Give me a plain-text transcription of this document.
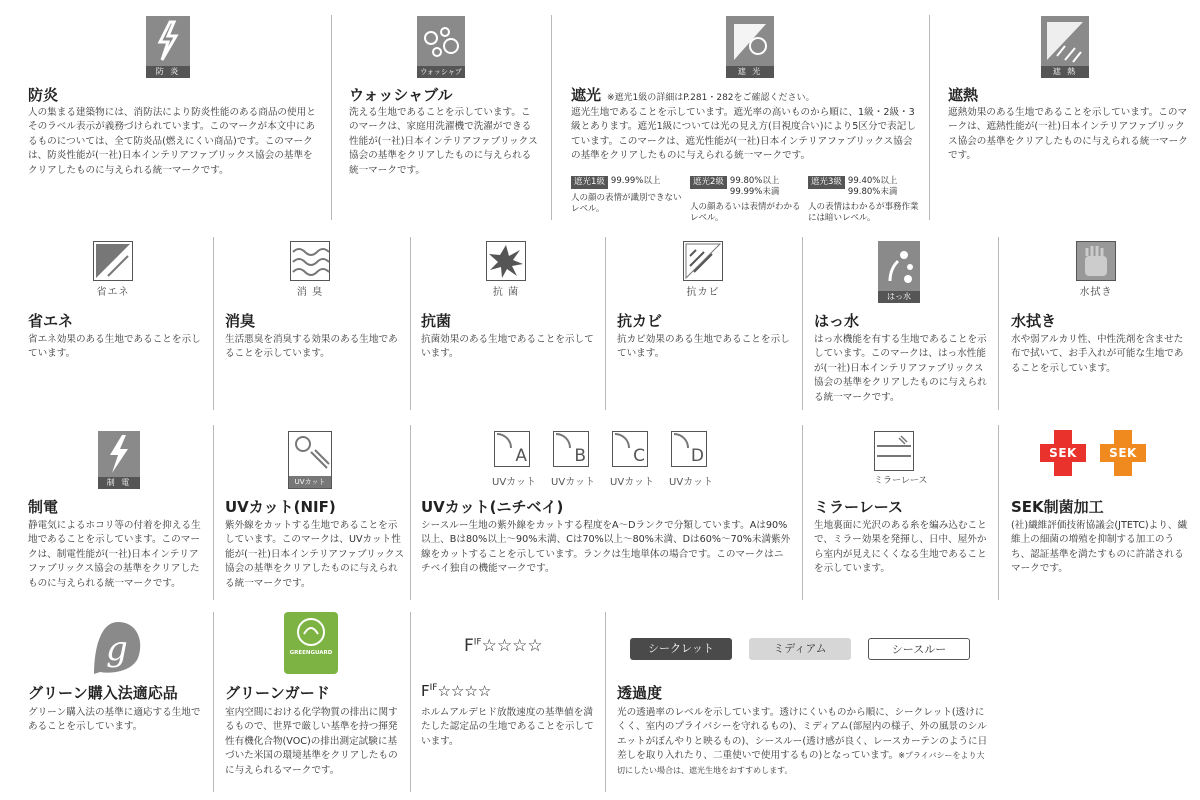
防 炎
防炎

人の集まる建築物には、消防法により防炎性能のある商品の使用とそのラベル表示が義務づけられています。このマークが本文中にあるものについては、全て防炎品(燃えにくい商品)です。このマークは、防炎性能が(一社)日本インテリアファブリックス協会の基準をクリアしたものに与えられる統一マークです。

ウォッシャブル
ウォッシャブル

洗える生地であることを示しています。このマークは、家庭用洗濯機で洗濯ができる性能が(一社)日本インテリアファブリックス協会の基準をクリアしたものに与えられる統一マークです。

遮 光
遮光 ※遮光1級の詳細はP.281・282をご確認ください。

遮光生地であることを示しています。遮光率の高いものから順に、1級・2級・3級とあります。遮光1級については光の見え方(目視度合い)により5区分で表記しています。このマークは、遮光性能が(一社)日本インテリアファブリックス協会の基準をクリアしたものに与えられる統一マークです。

遮光1級 99.99%以上
人の顔の表情が識別できないレベル。
遮光2級 99.80%以上
99.99%未満
人の顔あるいは表情がわかるレベル。
遮光3級 99.40%以上
99.80%未満
人の表情はわかるが事務作業には暗いレベル。
遮 熱
遮熱

遮熱効果のある生地であることを示しています。このマークは、遮熱性能が(一社)日本インテリアファブリックス協会の基準をクリアしたものに与えられる統一マークです。

省エネ
省エネ

省エネ効果のある生地であることを示しています。

消 臭
消臭

生活悪臭を消臭する効果のある生地であることを示しています。

抗 菌
抗菌

抗菌効果のある生地であることを示しています。

抗カビ
抗カビ

抗カビ効果のある生地であることを示しています。

はっ水
はっ水

はっ水機能を有する生地であることを示しています。このマークは、はっ水性能が(一社)日本インテリアファブリックス協会の基準をクリアしたものに与えられる統一マークです。

水拭き
水拭き

水や弱アルカリ性、中性洗剤を含ませた布で拭いて、お手入れが可能な生地であることを示しています。

制 電
制電

静電気によるホコリ等の付着を抑える生地であることを示しています。このマークは、制電性能が(一社)日本インテリアファブリックス協会の基準をクリアしたものに与えられる統一マークです。

UVカット
UVカット(NIF)

紫外線をカットする生地であることを示しています。このマークは、UVカット性能が(一社)日本インテリアファブリックス協会の基準をクリアしたものに与えられる統一マークです。

A
UVカット
B
UVカット
C
UVカット
D
UVカット
UVカット(ニチベイ)

シースルー生地の紫外線をカットする程度をA～Dランクで分類しています。Aは90%以上、Bは80%以上～90%未満、Cは70%以上～80%未満、Dは60%～70%未満紫外線をカットすることを示しています。ランクは生地単体の場合です。このマークはニチベイ独自の機能マークです。

ミラーレース
ミラーレース

生地裏面に光沢のある糸を編み込むことで、ミラー効果を発揮し、日中、屋外から室内が見えにくくなる生地であることを示しています。

SEK	SEK
SEK制菌加工

(社)繊維評価技術協議会(JTETC)より、繊維上の細菌の増殖を抑制する加工のうち、認証基準を満たすものに許諾されるマークです。

g
グリーン購入法適応品

グリーン購入法の基準に適応する生地であることを示しています。

GREENGUARD
グリーンガード

室内空間における化学物質の排出に関するもので、世界で厳しい基準を持つ揮発性有機化合物(VOC)の排出測定試験に基づいた米国の環境基準をクリアしたものに与えられるマークです。

$F^{IF}☆☆☆☆$
$F^{IF}☆☆☆☆$

ホルムアルデヒド放散速度の基準値を満たした認定品の生地であることを示しています。

シークレット	ミディアム	シースルー
透過度

光の透過率のレベルを示しています。透けにくいものから順に、シークレット(透けにくく、室内のプライバシーを守れるもの)、ミディアム(部屋内の様子、外の風景のシルエットがぼんやりと映るもの)、シースルー(透け感が良く、レースカーテンのように日差しを取り入れたり、二重使いで使用するもの)となっています。※プライバシーをより大切にしたい場合は、遮光生地をおすすめします。
